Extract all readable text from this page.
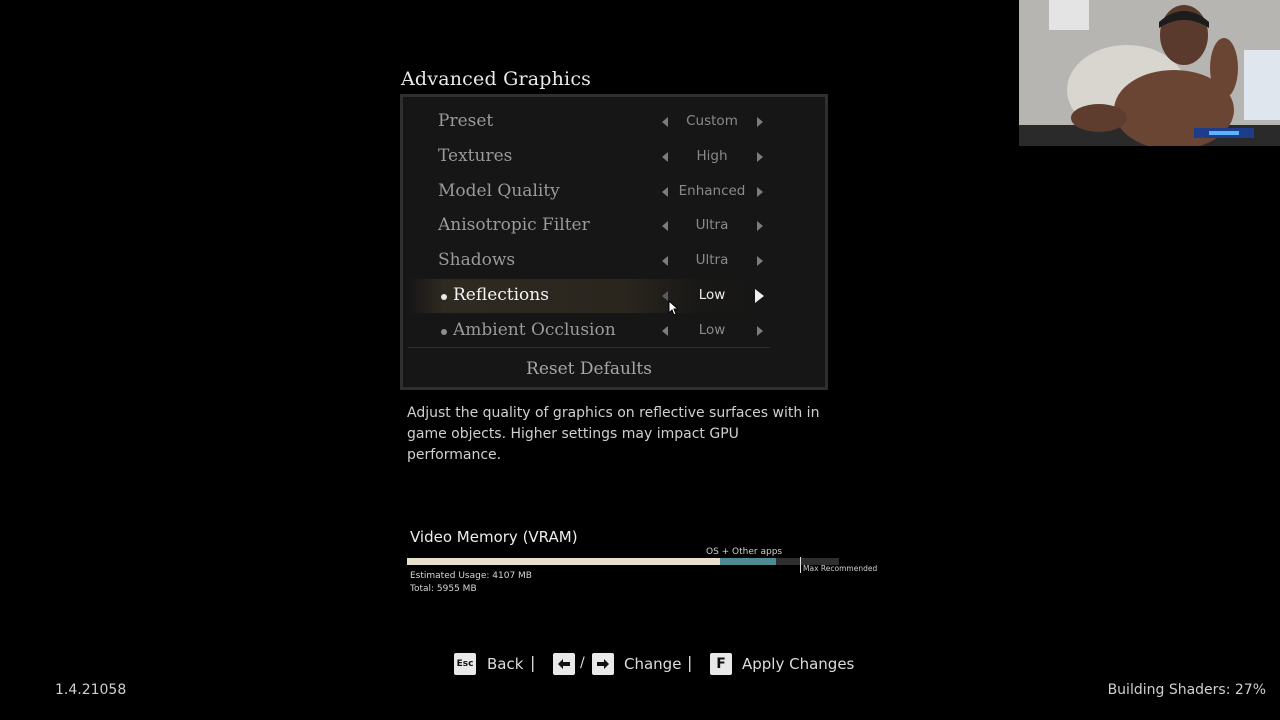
Advanced Graphics
Preset	Custom
Textures	High
Model Quality	Enhanced
Anisotropic Filter	Ultra
Shadows	Ultra
Reflections	Low
Ambient Occlusion	Low
Reset Defaults
Adjust the quality of graphics on reflective surfaces with in game objects. Higher settings may impact GPU performance.
Video Memory (VRAM)
OS + Other apps
Max Recommended
Estimated Usage: 4107 MB
Total: 5955 MB
Esc Back |	/	Change |	F	Apply Changes
1.4.21058	Building Shaders: 27%
